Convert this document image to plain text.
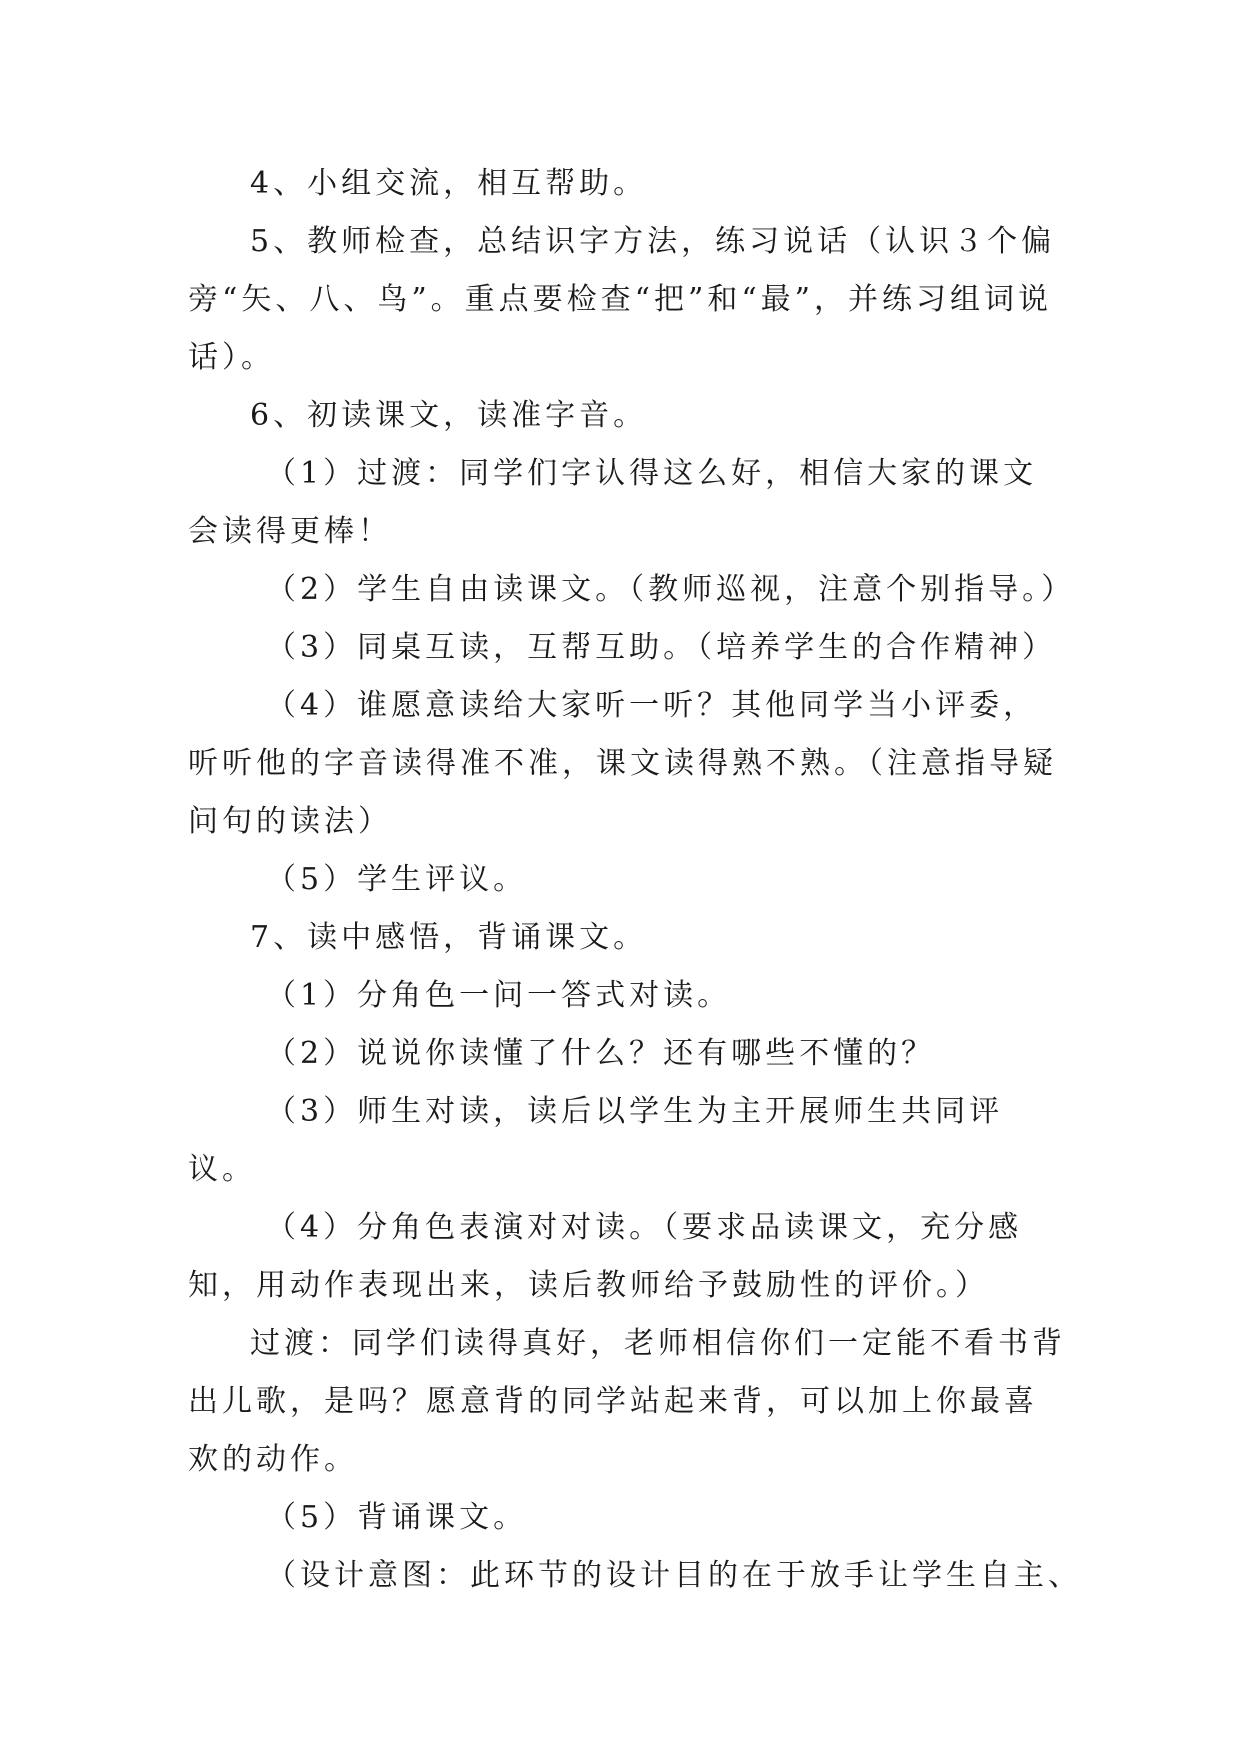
4、小组交流，相互帮助。

5、教师检查，总结识字方法，练习说话（认识３个偏旁“矢、八、鸟”。重点要检查“把”和“最”，并练习组词说话）。

6、初读课文，读准字音。

（1）过渡：同学们字认得这么好，相信大家的课文会读得更棒！

（2）学生自由读课文。（教师巡视，注意个别指导。）

（3）同桌互读，互帮互助。（培养学生的合作精神）

（4）谁愿意读给大家听一听？其他同学当小评委，听听他的字音读得准不准，课文读得熟不熟。（注意指导疑问句的读法）

（5）学生评议。

7、读中感悟，背诵课文。

（1）分角色一问一答式对读。

（2）说说你读懂了什么？还有哪些不懂的？

（3）师生对读，读后以学生为主开展师生共同评议。

（4）分角色表演对对读。（要求品读课文，充分感知，用动作表现出来，读后教师给予鼓励性的评价。）

过渡：同学们读得真好，老师相信你们一定能不看书背出儿歌，是吗？愿意背的同学站起来背，可以加上你最喜欢的动作。

（5）背诵课文。

（设计意图：此环节的设计目的在于放手让学生自主、
